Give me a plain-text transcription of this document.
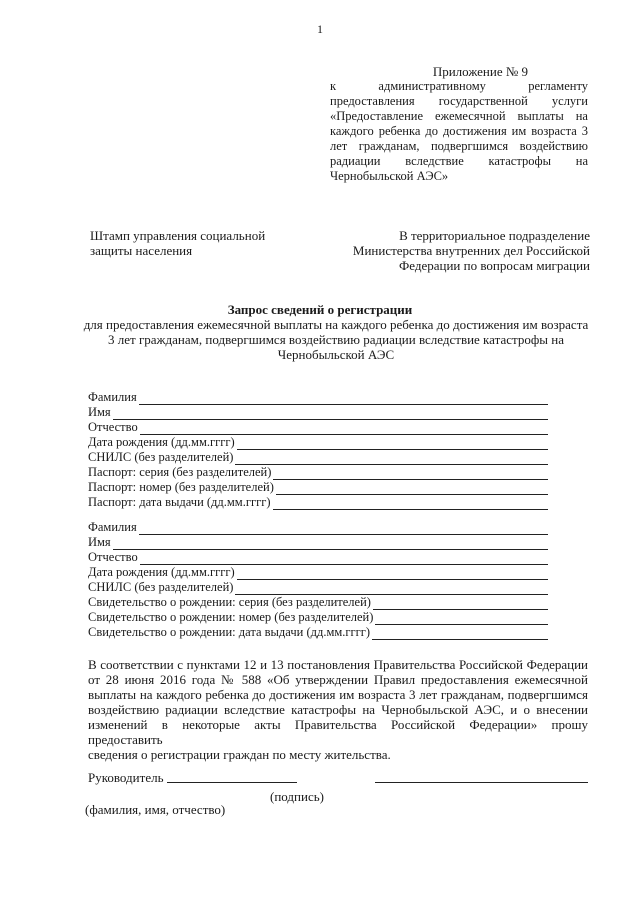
1
Приложение № 9
к административному регламенту
предоставления государственной услуги
«Предоставление ежемесячной выплаты на
каждого ребенка до достижения им возраста 3
лет гражданам, подвергшимся воздействию
радиации вследствие катастрофы на
Чернобыльской АЭС»
Штамп управления социальной
защиты населения
В территориальное подразделение
Министерства внутренних дел Российской
Федерации по вопросам миграции
Запрос сведений о регистрации
для предоставления ежемесячной выплаты на каждого ребенка до достижения им возраста
3 лет гражданам, подвергшимся воздействию радиации вследствие катастрофы на
Чернобыльской АЭС
Фамилия
Имя
Отчество
Дата рождения (дд.мм.гггг)
СНИЛС (без разделителей)
Паспорт: серия (без разделителей)
Паспорт: номер (без разделителей)
Паспорт: дата выдачи (дд.мм.гггг)
Фамилия
Имя
Отчество
Дата рождения (дд.мм.гггг)
СНИЛС (без разделителей)
Свидетельство о рождении: серия (без разделителей)
Свидетельство о рождении: номер (без разделителей)
Свидетельство о рождении: дата выдачи (дд.мм.гггг)
В соответствии с пунктами 12 и 13 постановления Правительства Российской Федерации
от 28 июня 2016 года № 588 «Об утверждении Правил предоставления ежемесячной
выплаты на каждого ребенка до достижения им возраста 3 лет гражданам, подвергшимся
воздействию радиации вследствие катастрофы на Чернобыльской АЭС, и о внесении
изменений в некоторые акты Правительства Российской Федерации» прошу предоставить
сведения о регистрации граждан по месту жительства.
Руководитель
(подпись)
(фамилия, имя, отчество)
